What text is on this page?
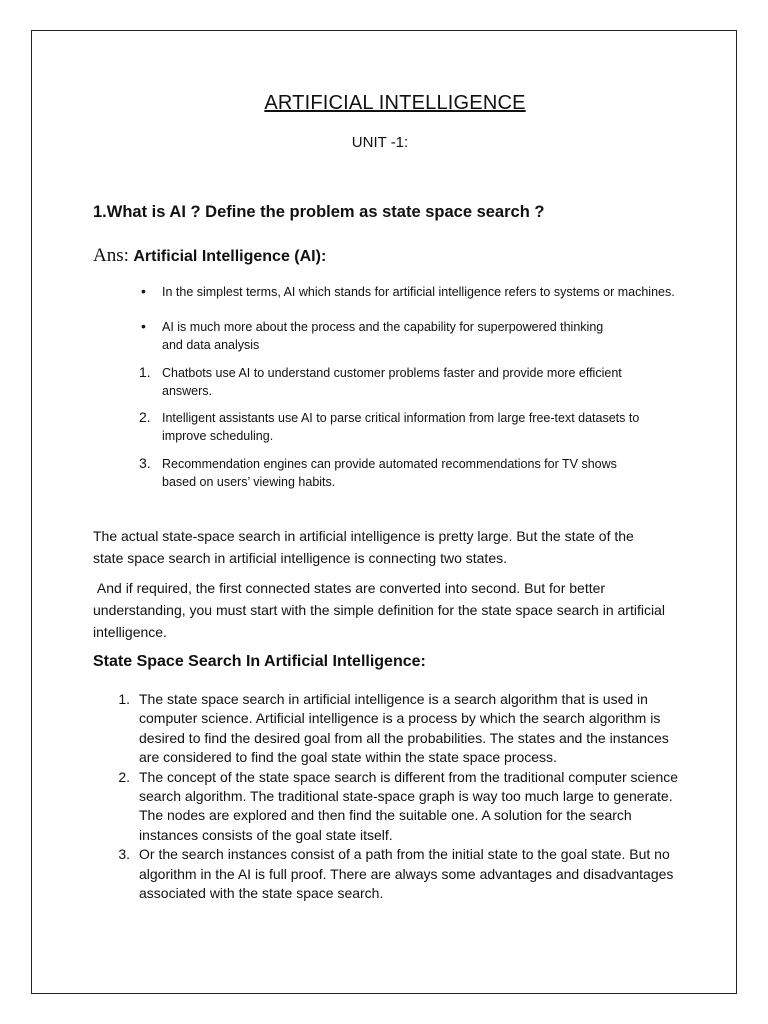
ARTIFICIAL INTELLIGENCE
UNIT -1:
1.What is AI ? Define the problem as state space search ?
Ans: Artificial Intelligence (AI):
• In the simplest terms, AI which stands for artificial intelligence refers to systems or machines.
• AI is much more about the process and the capability for superpowered thinking and data analysis
1. Chatbots use AI to understand customer problems faster and provide more efficient answers.
2. Intelligent assistants use AI to parse critical information from large free-text datasets to improve scheduling.
3. Recommendation engines can provide automated recommendations for TV shows based on users’ viewing habits.

The actual state-space search in artificial intelligence is pretty large. But the state of the state space search in artificial intelligence is connecting two states.

And if required, the first connected states are converted into second. But for better understanding, you must start with the simple definition for the state space search in artificial intelligence.

State Space Search In Artificial Intelligence:
1. The state space search in artificial intelligence is a search algorithm that is used in computer science. Artificial intelligence is a process by which the search algorithm is desired to find the desired goal from all the probabilities. The states and the instances are considered to find the goal state within the state space process.
2. The concept of the state space search is different from the traditional computer science search algorithm. The traditional state-space graph is way too much large to generate. The nodes are explored and then find the suitable one. A solution for the search instances consists of the goal state itself.
3. Or the search instances consist of a path from the initial state to the goal state. But no algorithm in the AI is full proof. There are always some advantages and disadvantages associated with the state space search.
